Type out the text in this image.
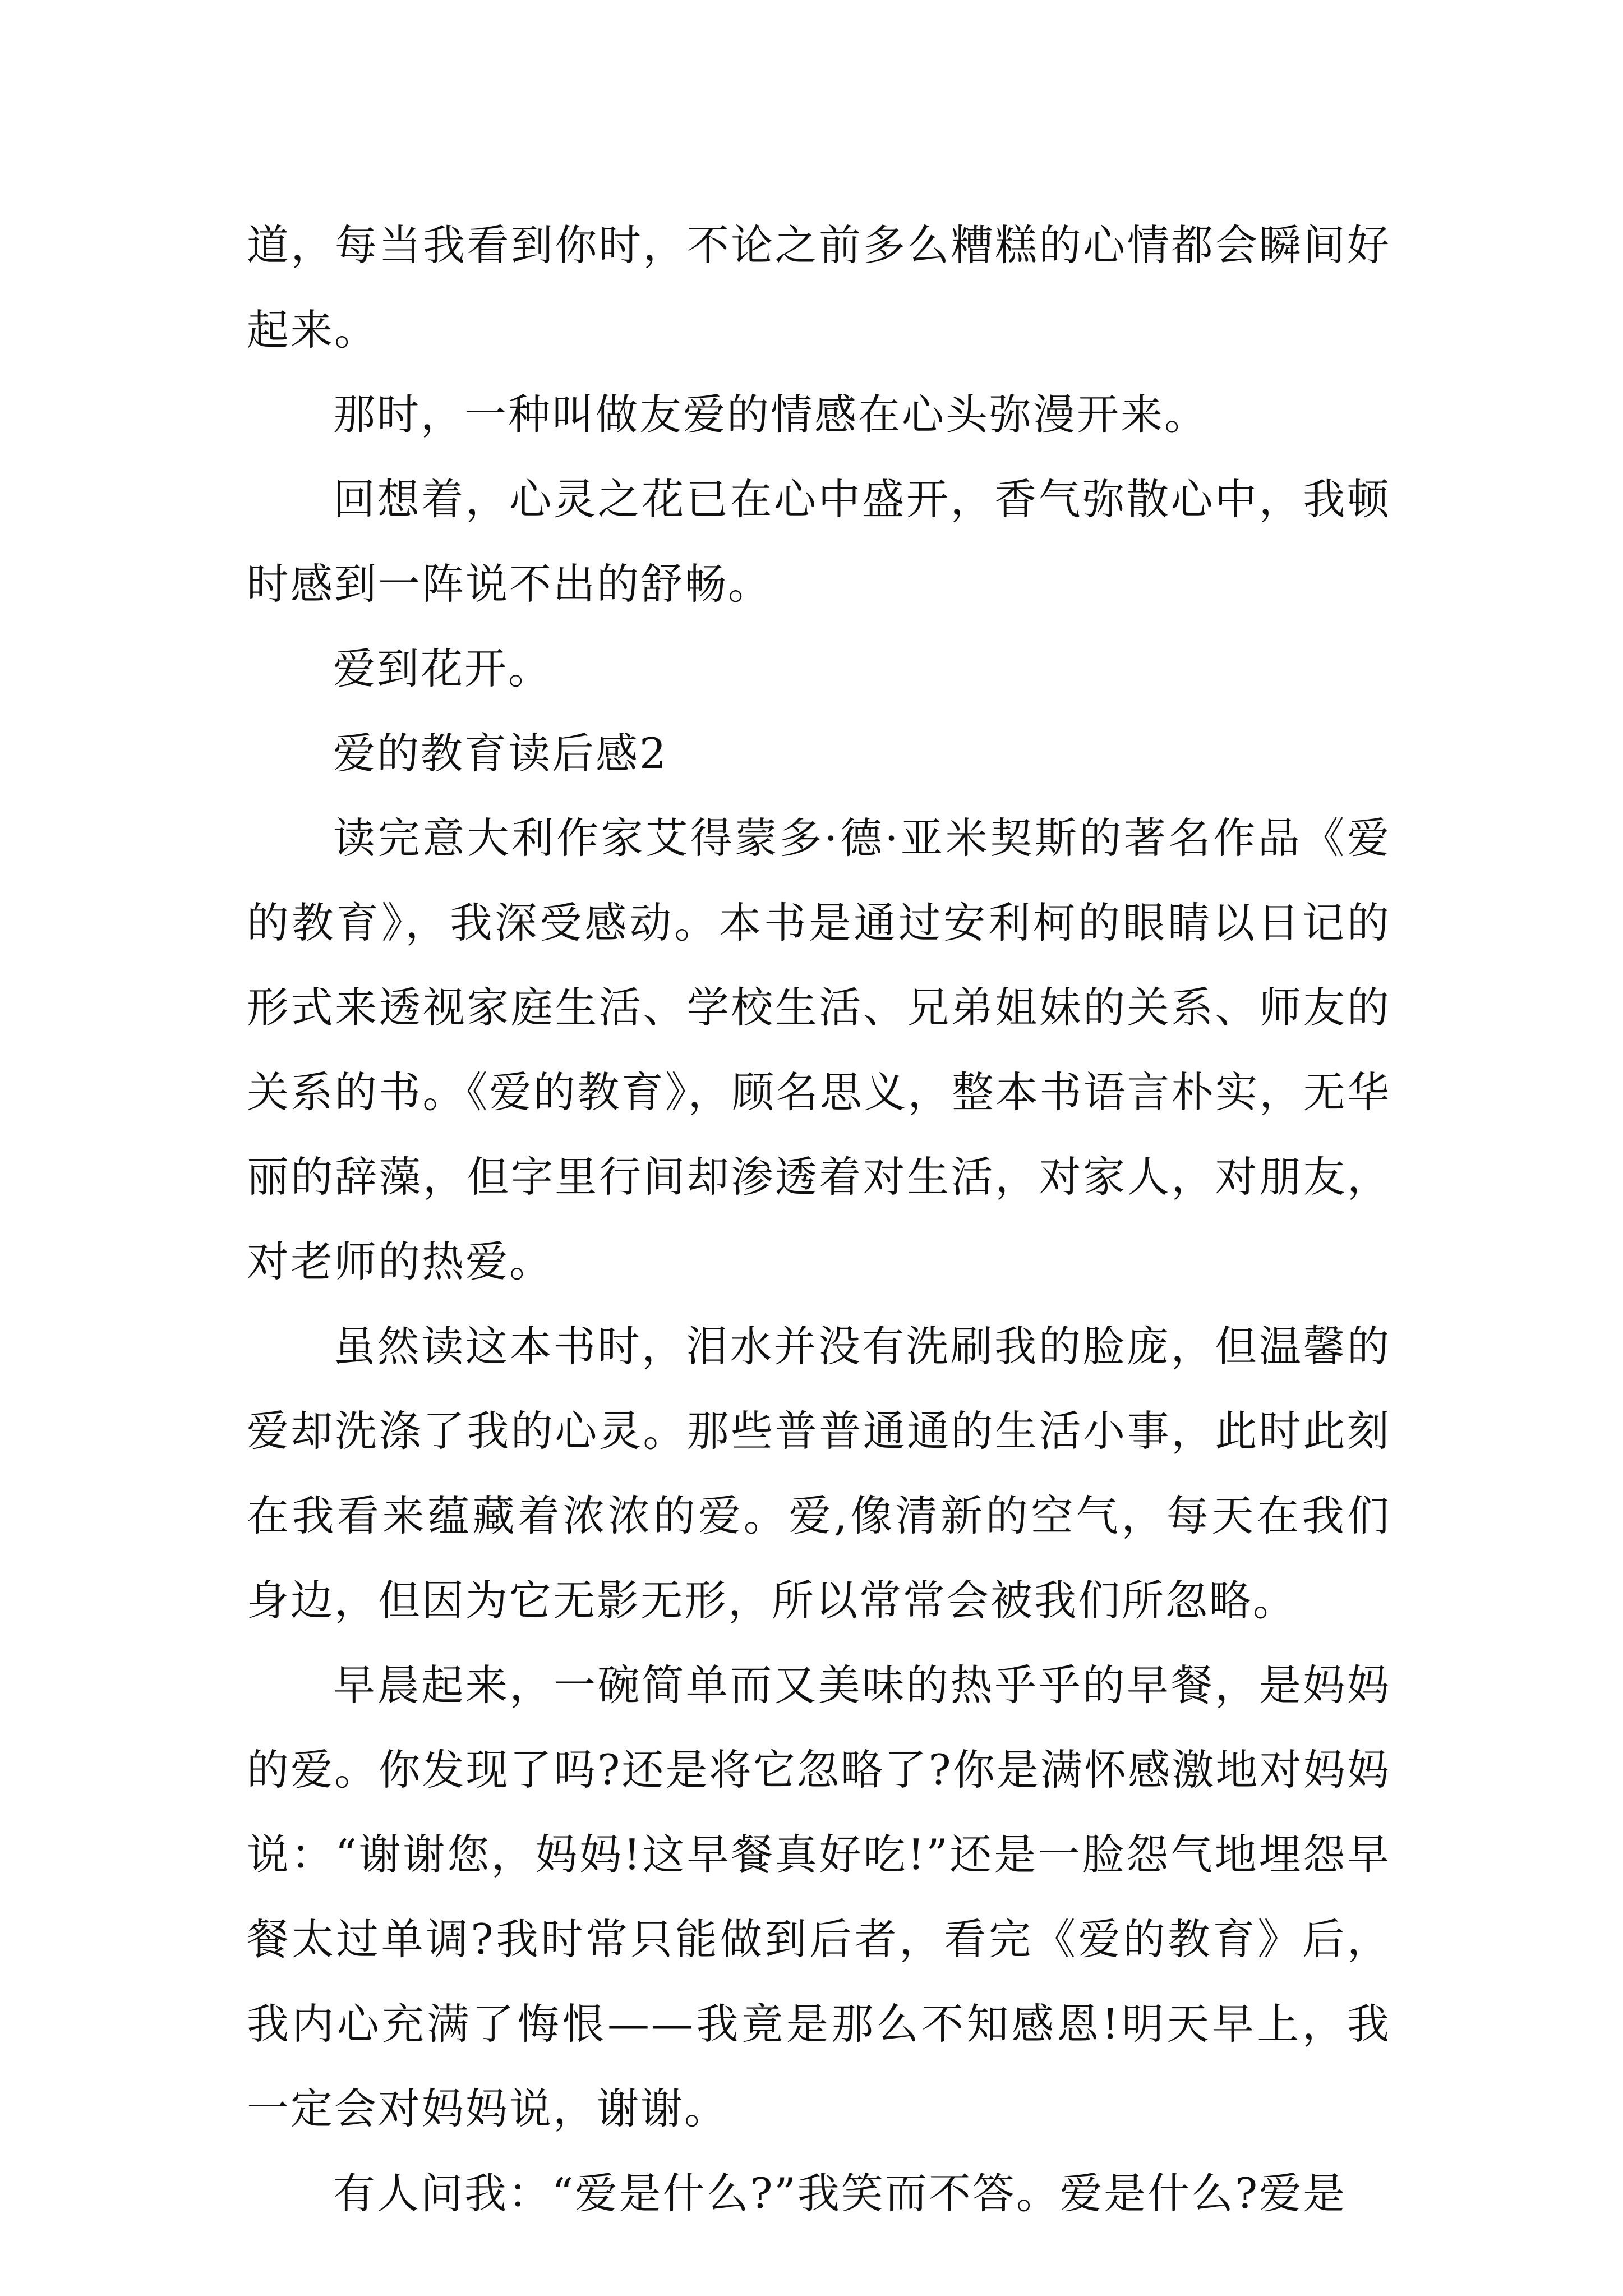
道，每当我看到你时，不论之前多么糟糕的心情都会瞬间好起来。

那时，一种叫做友爱的情感在心头弥漫开来。

回想着，心灵之花已在心中盛开，香气弥散心中，我顿时感到一阵说不出的舒畅。

爱到花开。

爱的教育读后感2

读完意大利作家艾得蒙多·德·亚米契斯的著名作品《爱的教育》，我深受感动。本书是通过安利柯的眼睛以日记的形式来透视家庭生活、学校生活、兄弟姐妹的关系、师友的关系的书。《爱的教育》，顾名思义，整本书语言朴实，无华丽的辞藻，但字里行间却渗透着对生活，对家人，对朋友，对老师的热爱。

虽然读这本书时，泪水并没有洗刷我的脸庞，但温馨的爱却洗涤了我的心灵。那些普普通通的生活小事，此时此刻在我看来蕴藏着浓浓的爱。爱,像清新的空气，每天在我们身边，但因为它无影无形，所以常常会被我们所忽略。

早晨起来，一碗简单而又美味的热乎乎的早餐，是妈妈的爱。你发现了吗?还是将它忽略了?你是满怀感激地对妈妈说：“谢谢您，妈妈!这早餐真好吃!”还是一脸怨气地埋怨早餐太过单调?我时常只能做到后者，看完《爱的教育》后，我内心充满了悔恨——我竟是那么不知感恩!明天早上，我一定会对妈妈说，谢谢。

有人问我：“爱是什么?”我笑而不答。爱是什么?爱是
